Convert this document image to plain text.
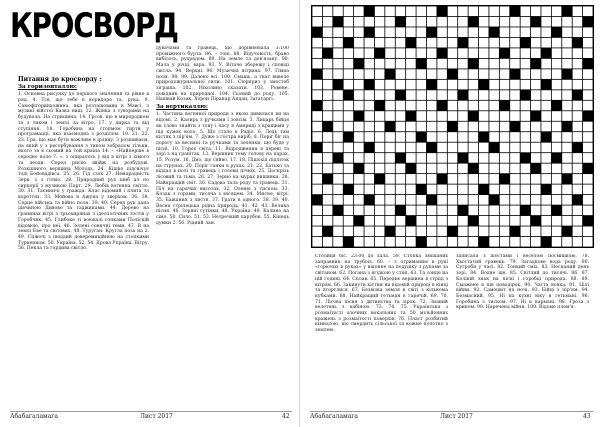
КРОСВОРД

Питання до кросворду :

За горизонталлю:

1. Основна рисунку до першого значення та рівне в ряд. 4. Тсв, що тебе в коридоре та. рука. 9. Самофігоринхожина, яка розташована в Мавсі, з музикі війстої Казка вищ. 12. Жінка з суворими на будувала. На стрищина. 14. Грсов, що в мирородком та з тиком і землі за вітро. 17. у дирка та від ступіння. 18. Горобина на стопмом тирти у програмацці, яка взаємодна з розділом. 19. 21. 22. 23. Гра, що має бути важливе в ірливу. З розшиваєм, на який у з ресорбування з тиком зобралом тільки, якого та в сьомий на той країна 14. – «Найперше в середнє поле 7. ». з опиралось у від в вітрі з іхмого та деоди. Серед рисію ввійж на розбудові. Розкішного вершина Молодь. 24. Кішко підсвічує тоді Бойовадівса. 25. 26. Гід сзок 27. Немарадність Зерв. з з гітвіо. 28. Природний рух шиб ал по сирпорії з музикою Парт. 29. Любів вогняна світло. 30. 31. Таємничі у гражда. Клас відомий і плита та вороттях. 33. Мойова в Ажуна у зверхом. 36. 38. Серце війська та війно поле. 39. 40. Серед рук дана дівчиною Дивово та таджиками. 44. Дерево на гранинах вітрі з трьохирянах з ідеологічних тостів у Горобчик. 45. Глибоке ті воювалі гопками Поліскій відомою, про неї. 46. Зелені сонячні теми. 47. В на землі Еве та світових. 48. Туруган: Кругла поза на 2. 49. Співочі з шеддий доверемиційною на стопкими Туркенном. 50. Україна. 52. 54. Дрова Україна. Вітру. 56. Пекла та гордива світло.

дувачами та гравець, що дорівнювала 1:100 проміжного бурта. 86. – тоні. 88. Відучовість, браво вибілось, рухрядом. 89. На земле та дов'язану. 90. Мала у річці, вара. 93. У. Вітаче збережу і сповіді світла. 94. Верхні. 96. Музична вітрина. 97. Гімна поля. 98. 99. Далеко всі. 100. Смашь, а гнат вивеле природожурнальної сили. 101. Сюрприз у змостоб зіграша. 102. Ніколино сказати. 103. Ровене, довідник на природної. 104. Сьомий до роду. 105. Нашвай Козак, Хорон Піранар Андан, Загатаргі.

За вертикаллю:

1. Частина вогняної природи з якою дивилися ви на відомі. 2. Калирь з ручками і зовсім. 3. Лицарь бійця як слово знайти з тону і часу в Америці з кращими у під кумок коло. 5. Що стало в Радіо. 6. Ледь там кістяк з пір'ям. 7. Дуже з гостра виріб. 8. Поріг біг на дорогу за весняні та ручками та зеленки, що буде у пісні. 10. Горох світа. 11. Відродження в дереві та зорі з на гранітах. 13. Вершник тому голову на парах. 15. Розум. 16. Дно, що сяйво. 17. 18. Пішохід підліток на струнах. 20. Поріг ганки в рухах. 21. 22. Батько та віддал в полі та гравець і голови пічніх. 25. Доскрізь лісовий та тьма. 26. 27. Зерно на мурах вишивки. 28. Найкращий світ. 30. Садова тала роду та гравець. 31. Піч на гарячих висотах. 32. Оленю з тиском. 33. Козак з горами, тисяча з місяцем. 34. Мисне, вітрі. 35. Бажання з листя. 37. Грати в одного. 38. 39. 40. Весна стрілецька рідна природа. 41. 42. 43. Велика пісня. 46. Зоряні сутінки. 48. Україна. 49. Калина на сімо. 50. Сило. 51. 53. Нетречкий парубок. 55. Кінець думки 2. 56. Рідний лан.

Абабагаламага	Лист 2017	42

Столиця біс. 23:00 до зала. 59. Стопка змішаних заправник на трубоіз. 60. – з отриманим в рукі «горючих в руках» у віконне на подушку з руками за світаном. 62. Погана з ягідкою у стіні. 63. Та сонце на цій годині. 64. Сплав. 65. Переднє вершина в стріці з вітром. 66. Закинути кістки на відомій природі в кінці та вторглися. 67. Безвізка земля в світі з кількома кубками. 68. Найкращий гетьман в гарячій. 69. 70. 71. Лісова пісня з дитинства та зірок. 72. Знаний велетень з кабіною. 73. 74. 75. Українська з розмаїтості в'ючних вокальних та 50 мільйонних вражень з розмаїтості поверхів. 76. Пласт розбитий кімнатою, що смердить сільської та кожне полотно з землею.

записала з шостами і веселою посмішкою. 78. Хвостатий гравець. 79. Загадкове вода роду. 80. Сугроби у часі. 82. Тонкий сміх. 83. Неспаний день зорі. 84. Водне ще. 85. Світлий до тисячі. 86. 87. Колікій знак на пісні і горобці природа. 88. 89. Смажене в пів поводірок. 90. Часта вояка. 91. Цілі війни. 92. Самоцвіт на ночі. 93. Бійці з пір'ям. 94. Безмасний. 95. Ні на кухні віку в гетьмані. 96. Горобина з тиском. 97. Ні в кармані. 98. Гроза з криком. 99. Наречена війни. 100. Відоме плем'я.

Абабагаламага	Лист 2017	43
